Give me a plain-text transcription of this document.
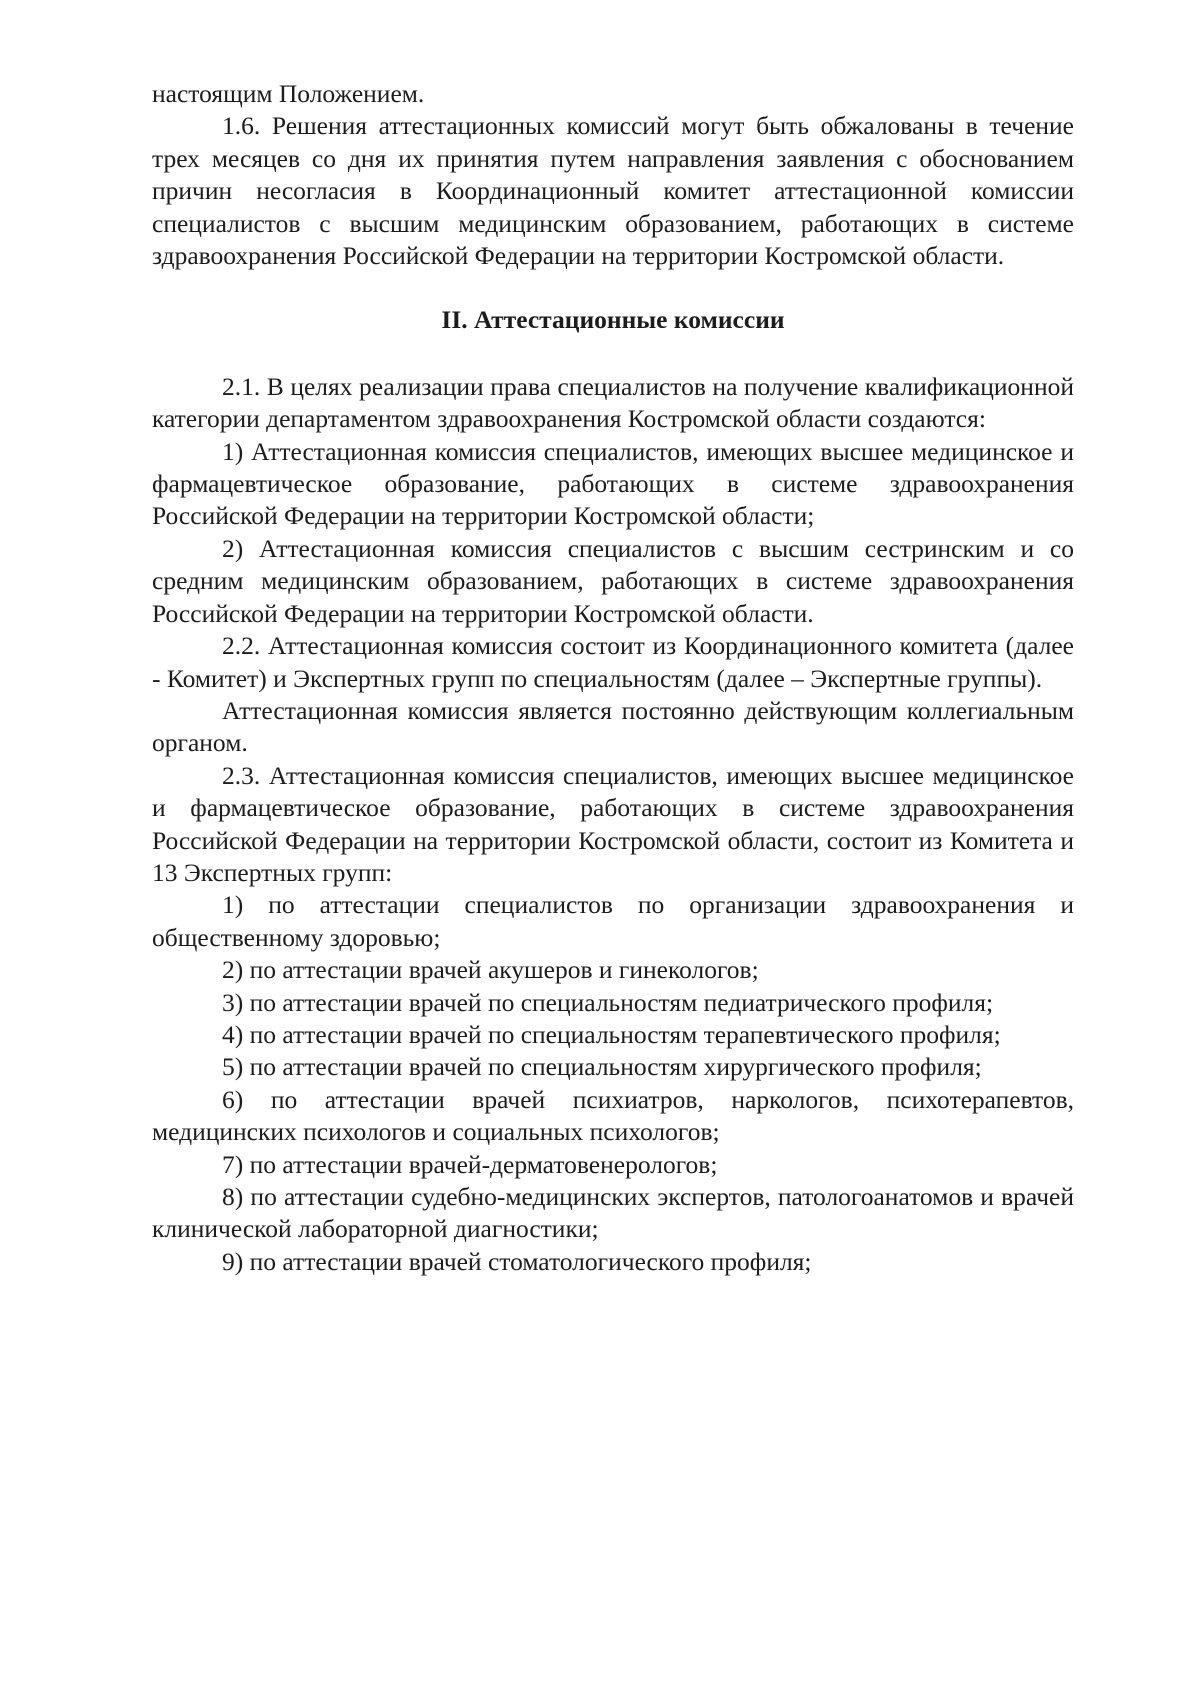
настоящим Положением.

1.6. Решения аттестационных комиссий могут быть обжалованы в течение трех месяцев со дня их принятия путем направления заявления с обоснованием причин несогласия в Координационный комитет аттестационной комиссии специалистов с высшим медицинским образованием, работающих в системе здравоохранения Российской Федерации на территории Костромской области.

II. Аттестационные комиссии

2.1. В целях реализации права специалистов на получение квалификационной категории департаментом здравоохранения Костромской области создаются:

1) Аттестационная комиссия специалистов, имеющих высшее медицинское и фармацевтическое образование, работающих в системе здравоохранения Российской Федерации на территории Костромской области;

2) Аттестационная комиссия специалистов с высшим сестринским и со средним медицинским образованием, работающих в системе здравоохранения Российской Федерации на территории Костромской области.

2.2. Аттестационная комиссия состоит из Координационного комитета (далее - Комитет) и Экспертных групп по специальностям (далее – Экспертные группы).

Аттестационная комиссия является постоянно действующим коллегиальным органом.

2.3. Аттестационная комиссия специалистов, имеющих высшее медицинское и фармацевтическое образование, работающих в системе здравоохранения Российской Федерации на территории Костромской области, состоит из Комитета и 13 Экспертных групп:

1) по аттестации специалистов по организации здравоохранения и общественному здоровью;

2) по аттестации врачей акушеров и гинекологов;

3) по аттестации врачей по специальностям педиатрического профиля;

4) по аттестации врачей по специальностям терапевтического профиля;

5) по аттестации врачей по специальностям хирургического профиля;

6) по аттестации врачей психиатров, наркологов, психотерапевтов, медицинских психологов и социальных психологов;

7) по аттестации врачей-дерматовенерологов;

8) по аттестации судебно-медицинских экспертов, патологоанатомов и врачей клинической лабораторной диагностики;

9) по аттестации врачей стоматологического профиля;
